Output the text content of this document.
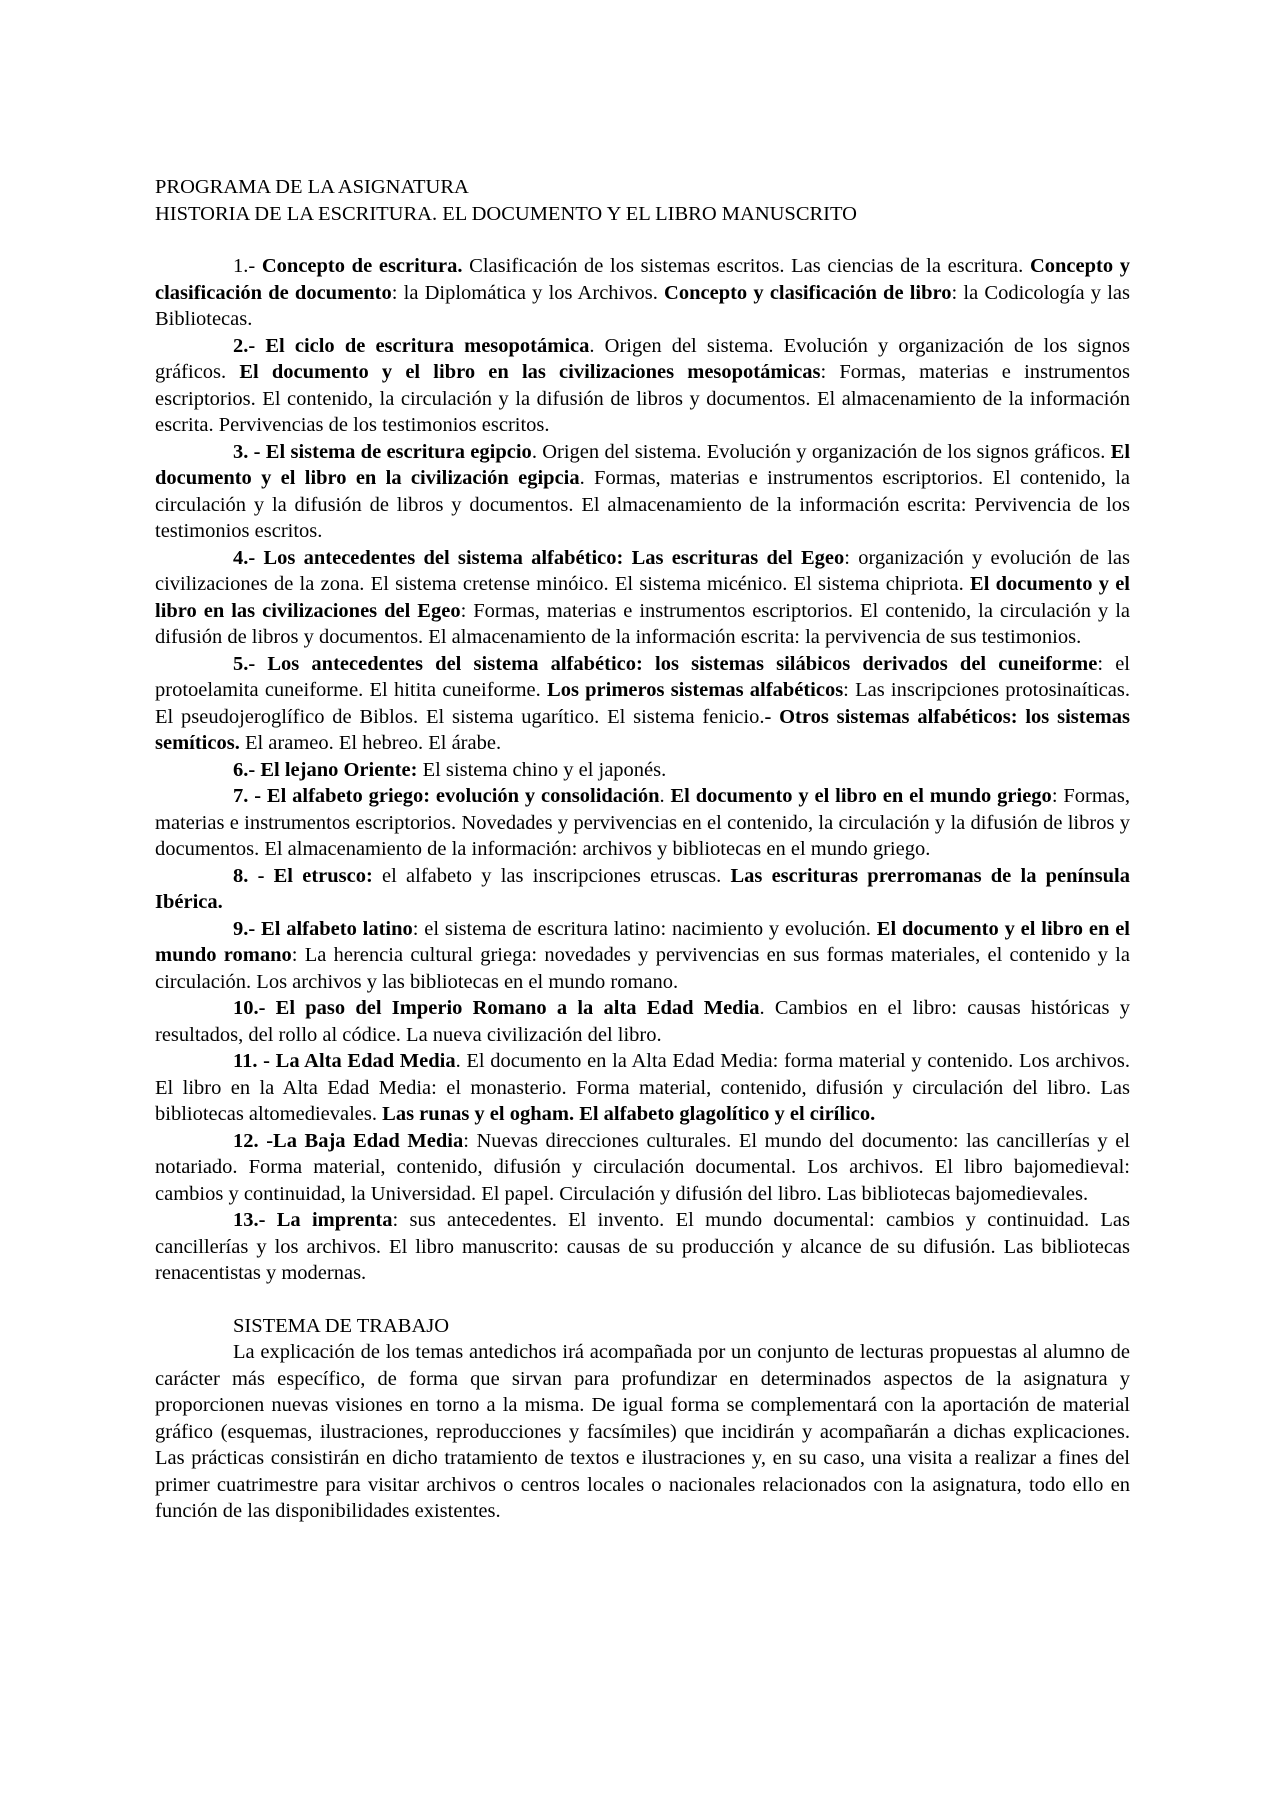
PROGRAMA DE LA ASIGNATURA

HISTORIA DE LA ESCRITURA. EL DOCUMENTO Y EL LIBRO MANUSCRITO

1.- Concepto de escritura. Clasificación de los sistemas escritos. Las ciencias de la escritura. Concepto y clasificación de documento: la Diplomática y los Archivos. Concepto y clasificación de libro: la Codicología y las Bibliotecas.

2.- El ciclo de escritura mesopotámica. Origen del sistema. Evolución y organización de los signos gráficos. El documento y el libro en las civilizaciones mesopotámicas: Formas, materias e instrumentos escriptorios. El contenido, la circulación y la difusión de libros y documentos. El almacenamiento de la información escrita. Pervivencias de los testimonios escritos.

3. - El sistema de escritura egipcio. Origen del sistema. Evolución y organización de los signos gráficos. El documento y el libro en la civilización egipcia. Formas, materias e instrumentos escriptorios. El contenido, la circulación y la difusión de libros y documentos. El almacenamiento de la información escrita: Pervivencia de los testimonios escritos.

4.- Los antecedentes del sistema alfabético: Las escrituras del Egeo: organización y evolución de las civilizaciones de la zona. El sistema cretense minóico. El sistema micénico. El sistema chipriota. El documento y el libro en las civilizaciones del Egeo: Formas, materias e instrumentos escriptorios. El contenido, la circulación y la difusión de libros y documentos. El almacenamiento de la información escrita: la pervivencia de sus testimonios.

5.- Los antecedentes del sistema alfabético: los sistemas silábicos derivados del cuneiforme: el protoelamita cuneiforme. El hitita cuneiforme. Los primeros sistemas alfabéticos: Las inscripciones protosinaíticas. El pseudojeroglífico de Biblos. El sistema ugarítico. El sistema fenicio.- Otros sistemas alfabéticos: los sistemas semíticos. El arameo. El hebreo. El árabe.

6.- El lejano Oriente: El sistema chino y el japonés.

7. - El alfabeto griego: evolución y consolidación. El documento y el libro en el mundo griego: Formas, materias e instrumentos escriptorios. Novedades y pervivencias en el contenido, la circulación y la difusión de libros y documentos. El almacenamiento de la información: archivos y bibliotecas en el mundo griego.

8. - El etrusco: el alfabeto y las inscripciones etruscas. Las escrituras prerromanas de la península Ibérica.

9.- El alfabeto latino: el sistema de escritura latino: nacimiento y evolución. El documento y el libro en el mundo romano: La herencia cultural griega: novedades y pervivencias en sus formas materiales, el contenido y la circulación. Los archivos y las bibliotecas en el mundo romano.

10.- El paso del Imperio Romano a la alta Edad Media. Cambios en el libro: causas históricas y resultados, del rollo al códice. La nueva civilización del libro.

11. - La Alta Edad Media. El documento en la Alta Edad Media: forma material y contenido. Los archivos. El libro en la Alta Edad Media: el monasterio. Forma material, contenido, difusión y circulación del libro. Las bibliotecas altomedievales. Las runas y el ogham. El alfabeto glagolítico y el cirílico.

12. -La Baja Edad Media: Nuevas direcciones culturales. El mundo del documento: las cancillerías y el notariado. Forma material, contenido, difusión y circulación documental. Los archivos. El libro bajomedieval: cambios y continuidad, la Universidad. El papel. Circulación y difusión del libro. Las bibliotecas bajomedievales.

13.- La imprenta: sus antecedentes. El invento. El mundo documental: cambios y continuidad. Las cancillerías y los archivos. El libro manuscrito: causas de su producción y alcance de su difusión. Las bibliotecas renacentistas y modernas.

SISTEMA DE TRABAJO

La explicación de los temas antedichos irá acompañada por un conjunto de lecturas propuestas al alumno de carácter más específico, de forma que sirvan para profundizar en determinados aspectos de la asignatura y proporcionen nuevas visiones en torno a la misma. De igual forma se complementará con la aportación de material gráfico (esquemas, ilustraciones, reproducciones y facsímiles) que incidirán y acompañarán a dichas explicaciones. Las prácticas consistirán en dicho tratamiento de textos e ilustraciones y, en su caso, una visita a realizar a fines del primer cuatrimestre para visitar archivos o centros locales o nacionales relacionados con la asignatura, todo ello en función de las disponibilidades existentes.
